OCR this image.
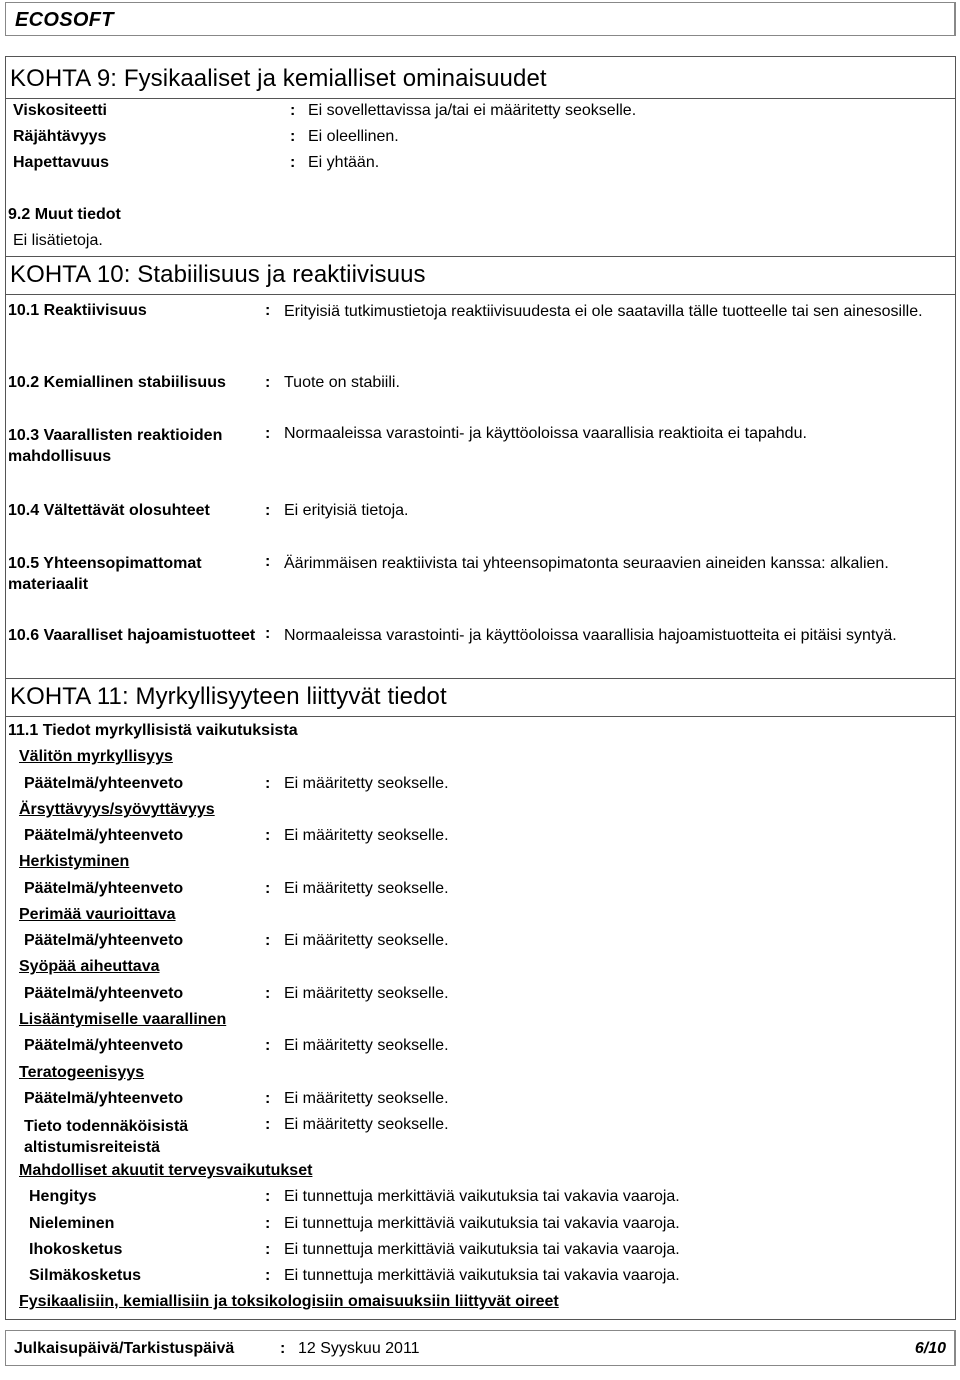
ECOSOFT
KOHTA 9: Fysikaaliset ja kemialliset ominaisuudet
Viskositeetti	: Ei sovellettavissa ja/tai ei määritetty seokselle.
Räjähtävyys	: Ei oleellinen.
Hapettavuus	: Ei yhtään.
9.2 Muut tiedot
Ei lisätietoja.
KOHTA 10: Stabiilisuus ja reaktiivisuus
10.1 Reaktiivisuus	: Erityisiä tutkimustietoja reaktiivisuudesta ei ole saatavilla tälle tuotteelle tai sen ainesosille.
10.2 Kemiallinen stabiilisuus : Tuote on stabiili.
10.3 Vaarallisten reaktioiden mahdollisuus
: Normaaleissa varastointi- ja käyttöoloissa vaarallisia reaktioita ei tapahdu.
10.4 Vältettävät olosuhteet	: Ei erityisiä tietoja.
10.5 Yhteensopimattomat materiaalit
: Äärimmäisen reaktiivista tai yhteensopimatonta seuraavien aineiden kanssa: alkalien.
10.6 Vaaralliset hajoamistuotteet : Normaaleissa varastointi- ja käyttöoloissa vaarallisia hajoamistuotteita ei pitäisi syntyä.
KOHTA 11: Myrkyllisyyteen liittyvät tiedot
11.1 Tiedot myrkyllisistä vaikutuksista
Välitön myrkyllisyys
Päätelmä/yhteenveto	: Ei määritetty seokselle.
Ärsyttävyys/syövyttävyys
Päätelmä/yhteenveto	: Ei määritetty seokselle.
Herkistyminen
Päätelmä/yhteenveto	: Ei määritetty seokselle.
Perimää vaurioittava
Päätelmä/yhteenveto	: Ei määritetty seokselle.
Syöpää aiheuttava
Päätelmä/yhteenveto	: Ei määritetty seokselle.
Lisääntymiselle vaarallinen
Päätelmä/yhteenveto	: Ei määritetty seokselle.
Teratogeenisyys
Päätelmä/yhteenveto	: Ei määritetty seokselle.
Tieto todennäköisistä altistumisreiteistä
: Ei määritetty seokselle.
Mahdolliset akuutit terveysvaikutukset
Hengitys	: Ei tunnettuja merkittäviä vaikutuksia tai vakavia vaaroja.
Nieleminen	: Ei tunnettuja merkittäviä vaikutuksia tai vakavia vaaroja.
Ihokosketus	: Ei tunnettuja merkittäviä vaikutuksia tai vakavia vaaroja.
Silmäkosketus	: Ei tunnettuja merkittäviä vaikutuksia tai vakavia vaaroja.
Fysikaalisiin, kemiallisiin ja toksikologisiin omaisuuksiin liittyvät oireet
Julkaisupäivä/Tarkistuspäivä	: 12 Syyskuu 2011	6/10
